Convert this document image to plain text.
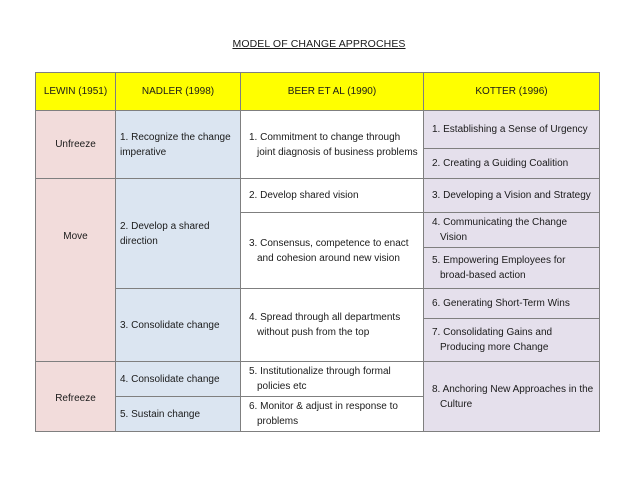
MODEL OF CHANGE APPROCHES
LEWIN (1951)	NADLER (1998)	BEER ET AL (1990)	KOTTER (1996)
Unfreeze	1. Recognize the change imperative	1. Commitment to change through joint diagnosis of business problems	1. Establishing a Sense of Urgency

			2. Creating a Guiding Coalition

Move	2. Develop a shared direction	2. Develop shared vision	3. Developing a Vision and Strategy

		3. Consensus, competence to enact and cohesion around new vision	4. Communicating the Change Vision

			5. Empowering Employees for broad-based action

	3. Consolidate change	4. Spread through all departments without push from the top	6. Generating Short-Term Wins

			7. Consolidating Gains and Producing more Change

Refreeze	4. Consolidate change	5. Institutionalize through formal policies etc	8. Anchoring New Approaches in the Culture

	5. Sustain change	6. Monitor & adjust in response to problems	
